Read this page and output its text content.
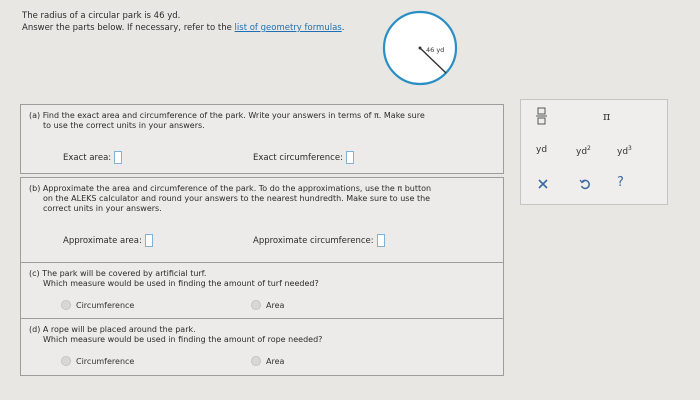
The radius of a circular park is 46 yd.
Answer the parts below. If necessary, refer to the list of geometry formulas.
46 yd
(a) Find the exact area and circumference of the park. Write your answers in terms of π. Make sure
to use the correct units in your answers.
Exact area:	Exact circumference:
(b) Approximate the area and circumference of the park. To do the approximations, use the π button
on the ALEKS calculator and round your answers to the nearest hundredth. Make sure to use the
correct units in your answers.
Approximate area:	Approximate circumference:
(c) The park will be covered by artificial turf.
Which measure would be used in finding the amount of turf needed?
Circumference	Area
(d) A rope will be placed around the park.
Which measure would be used in finding the amount of rope needed?
Circumference	Area
π
yd	$yd^2$	$yd^3$
?
